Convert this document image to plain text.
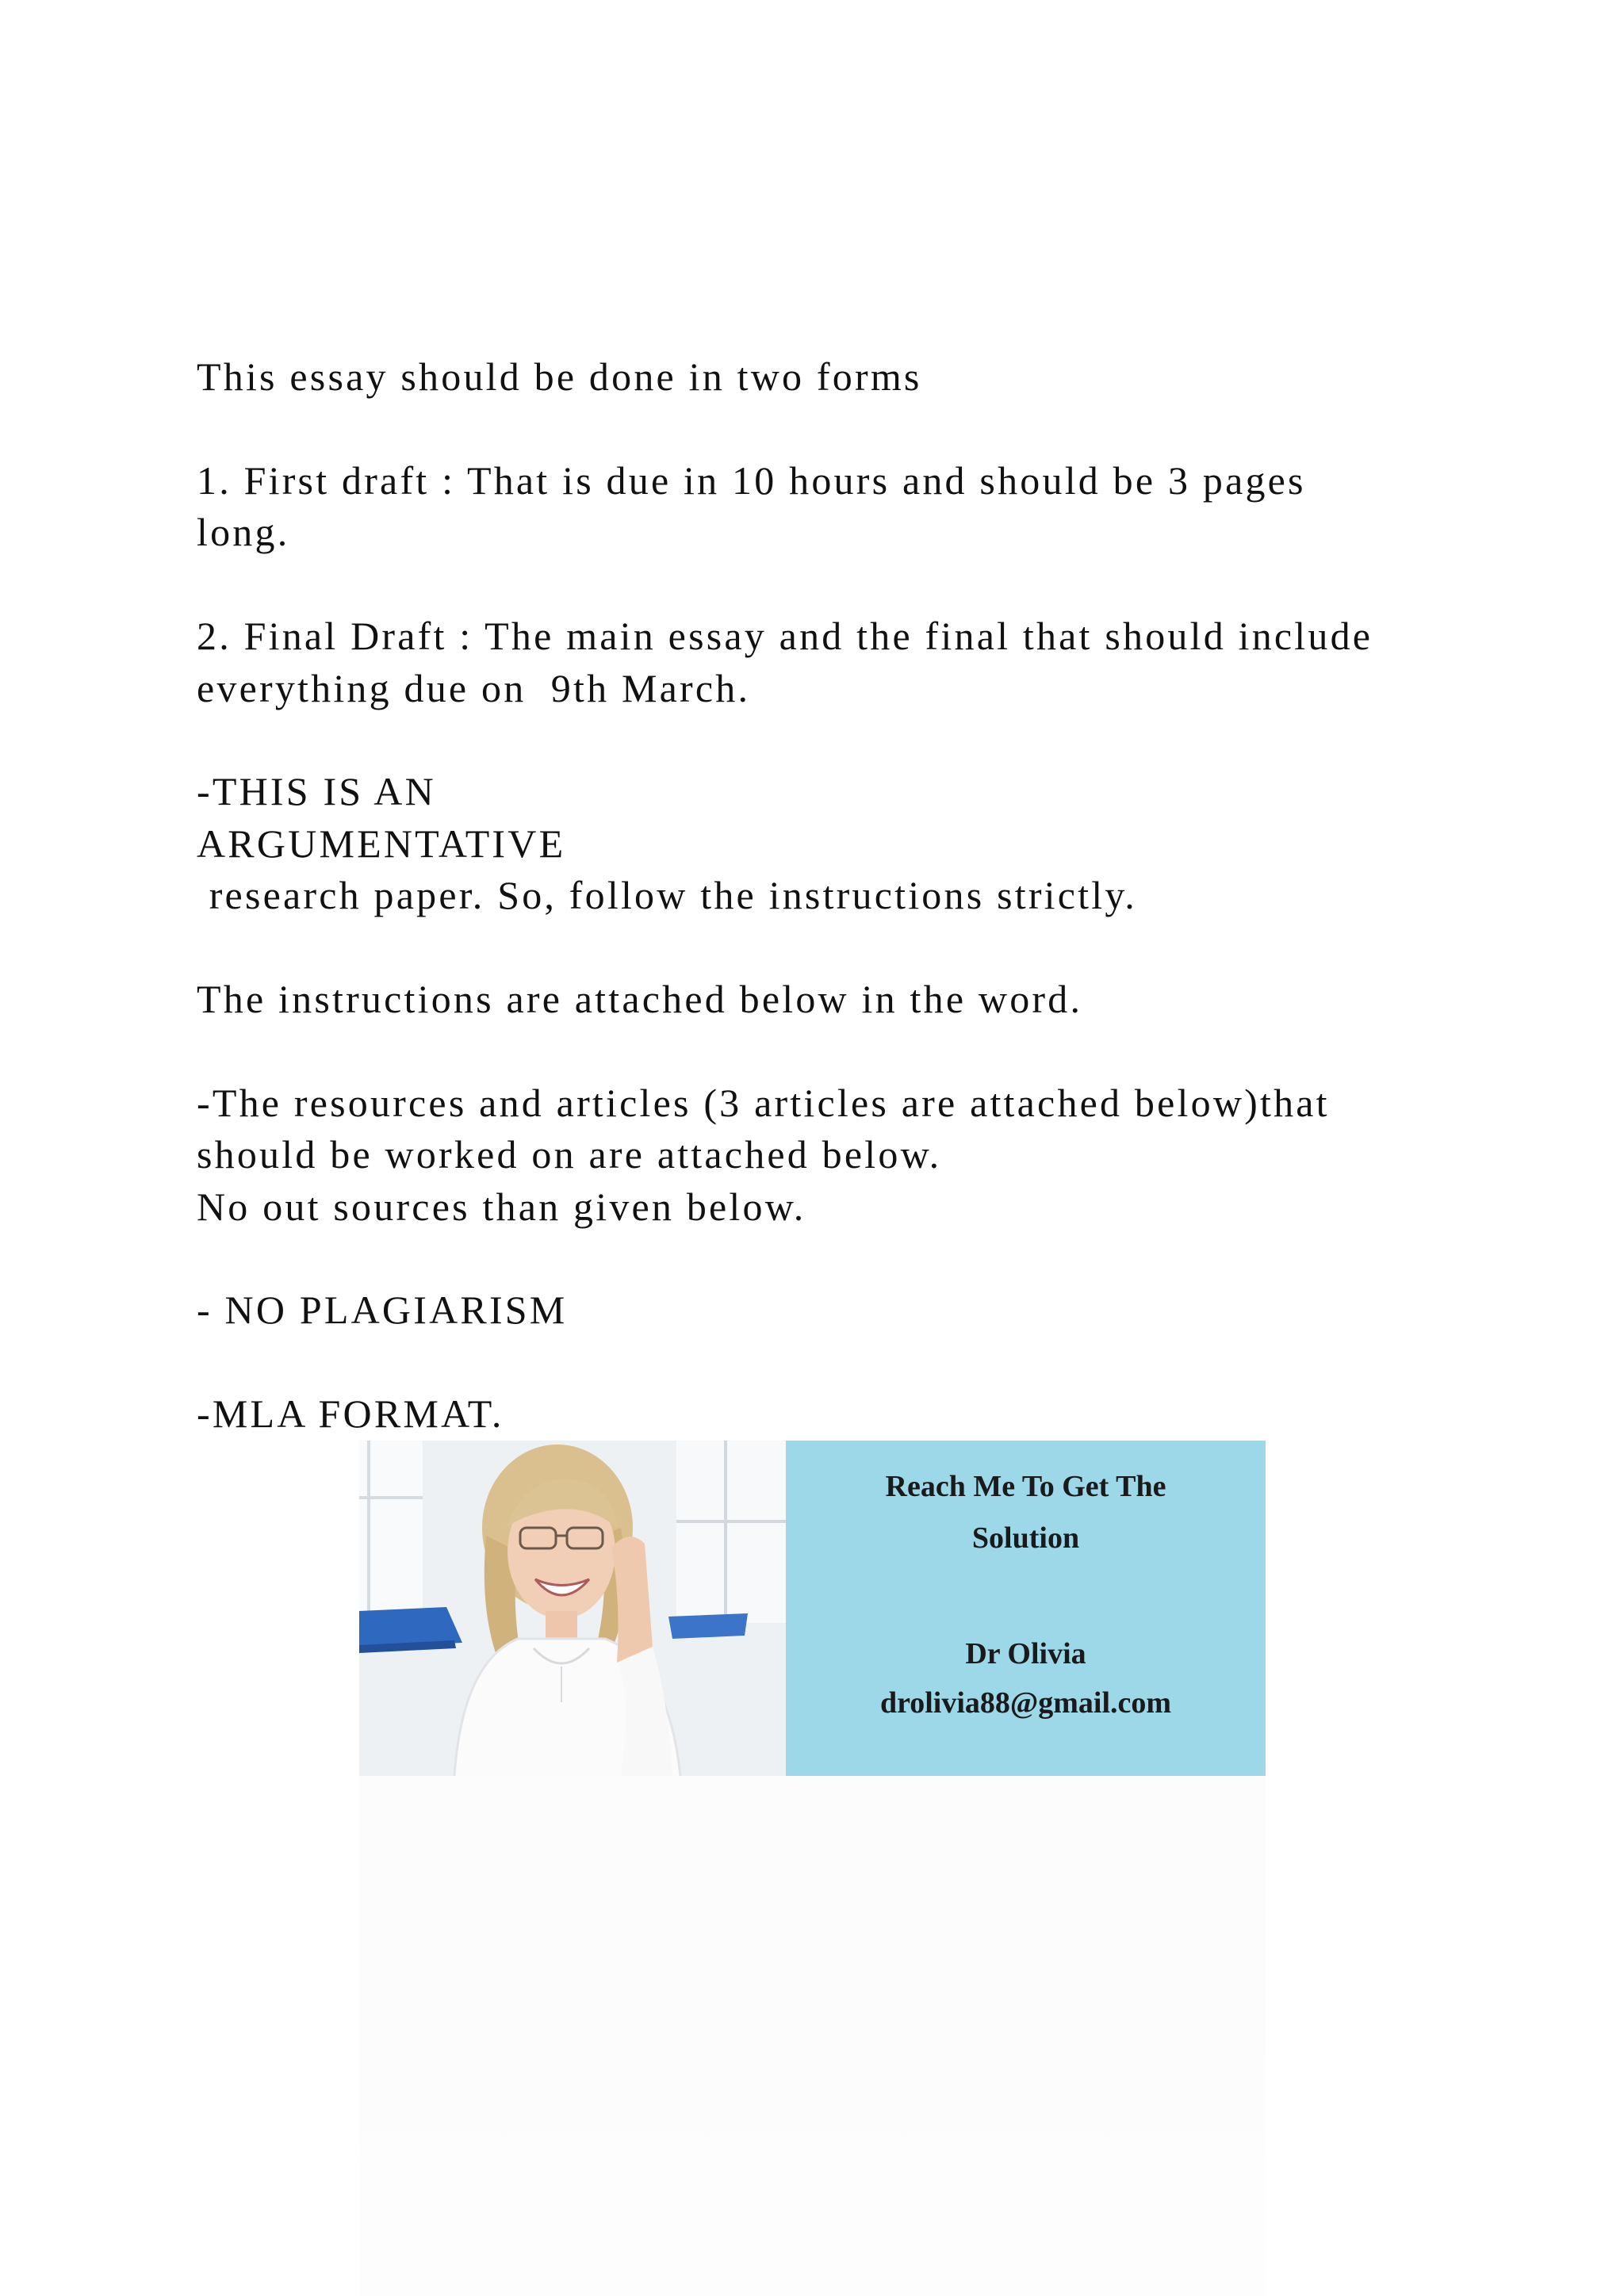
This essay should be done in two forms

1. First draft : That is due in 10 hours and should be 3 pages

long.

2. Final Draft : The main essay and the final that should include

everything due on  9th March.

-THIS IS AN

ARGUMENTATIVE

research paper. So, follow the instructions strictly.

The instructions are attached below in the word.

-The resources and articles (3 articles are attached below)that

should be worked on are attached below.

No out sources than given below.

- NO PLAGIARISM

-MLA FORMAT.

Reach Me To Get The
Solution
Dr Olivia
drolivia88@gmail.com
